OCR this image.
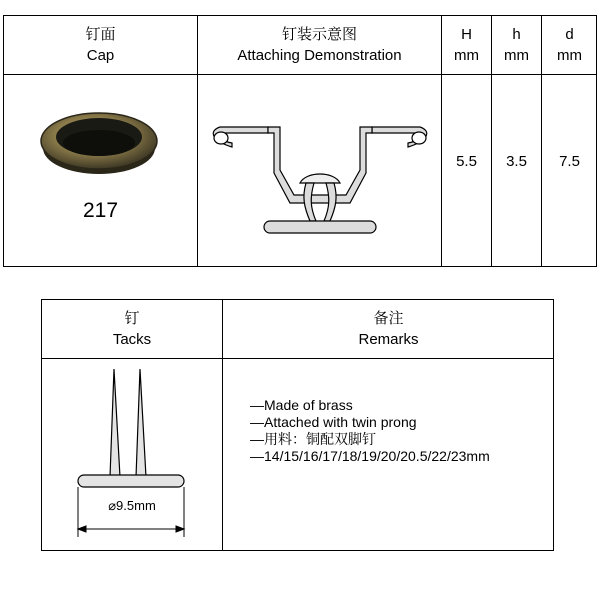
钉面
Cap
钉装示意图
Attaching Demonstration
H
mm
h
mm
d
mm
217
5.5	3.5	7.5
钉
Tacks
备注
Remarks
⌀9.5mm
—Made of brass
—Attached with twin prong
—用料：铜配双脚钉
—14/15/16/17/18/19/20/20.5/22/23mm
